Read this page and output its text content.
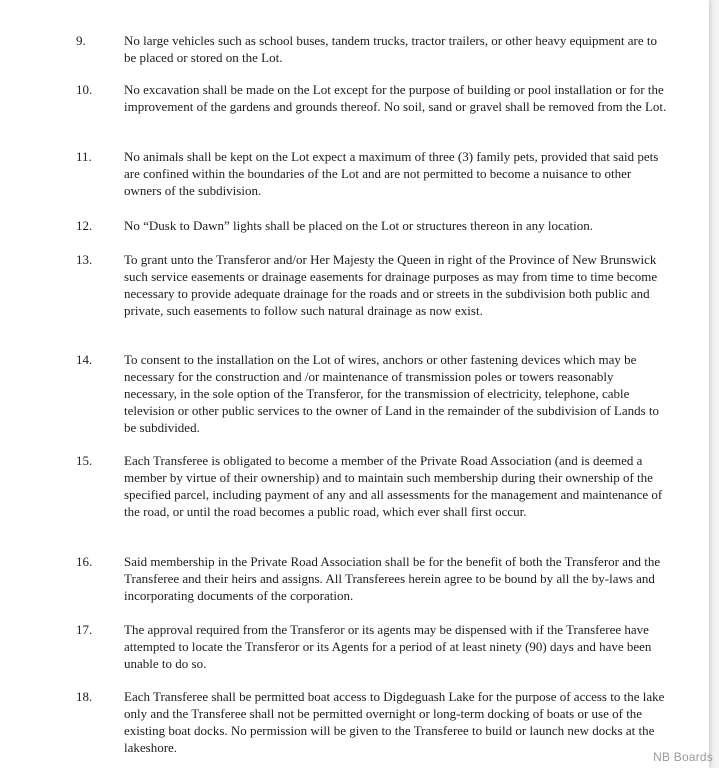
9.	No large vehicles such as school buses, tandem trucks, tractor trailers, or other heavy equipment are to be placed or stored on the Lot.
10. No excavation shall be made on the Lot except for the purpose of building or pool installation or for the improvement of the gardens and grounds thereof. No soil, sand or gravel shall be removed from the Lot.
11. No animals shall be kept on the Lot expect a maximum of three (3) family pets, provided that said pets are confined within the boundaries of the Lot and are not permitted to become a nuisance to other owners of the subdivision.
12. No “Dusk to Dawn” lights shall be placed on the Lot or structures thereon in any location.
13. To grant unto the Transferor and/or Her Majesty the Queen in right of the Province of New Brunswick such service easements or drainage easements for drainage purposes as may from time to time become necessary to provide adequate drainage for the roads and or streets in the subdivision both public and private, such easements to follow such natural drainage as now exist.
14. To consent to the installation on the Lot of wires, anchors or other fastening devices which may be necessary for the construction and /or maintenance of transmission poles or towers reasonably necessary, in the sole option of the Transferor, for the transmission of electricity, telephone, cable television or other public services to the owner of Land in the remainder of the subdivision of Lands to be subdivided.
15. Each Transferee is obligated to become a member of the Private Road Association (and is deemed a member by virtue of their ownership) and to maintain such membership during their ownership of the specified parcel, including payment of any and all assessments for the management and maintenance of the road, or until the road becomes a public road, which ever shall first occur.
16. Said membership in the Private Road Association shall be for the benefit of both the Transferor and the Transferee and their heirs and assigns. All Transferees herein agree to be bound by all the by-laws and incorporating documents of the corporation.
17. The approval required from the Transferor or its agents may be dispensed with if the Transferee have attempted to locate the Transferor or its Agents for a period of at least ninety (90) days and have been unable to do so.
18. Each Transferee shall be permitted boat access to Digdeguash Lake for the purpose of access to the lake only and the Transferee shall not be permitted overnight or long-term docking of boats or use of the existing boat docks. No permission will be given to the Transferee to build or launch new docks at the lakeshore.
NB Boards
